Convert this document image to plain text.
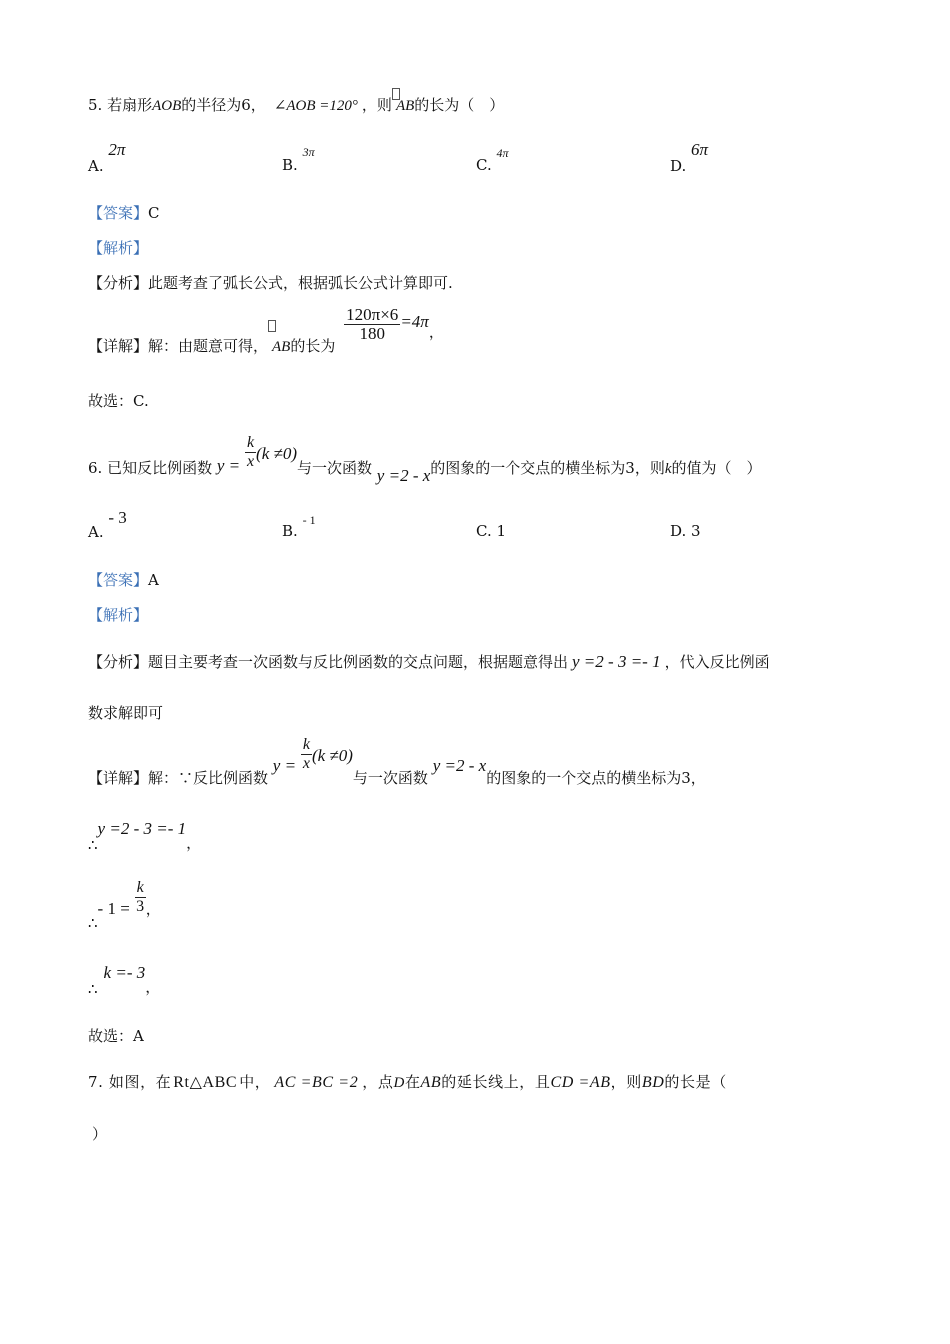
5. 若扇形AOB的半径为6， ∠AOB =120° ，则 AB的长为（　）
A. 2π
B. 3π
C. 4π
D. 6π
【答案】C
【解析】
【分析】此题考查了弧长公式，根据弧长公式计算即可.
【详解】解：由题意可得， AB的长为
$\frac{120\pi\times 6}{180} =4\pi$，
故选：C.
6. 已知反比例函数 $y = \frac{k}{x} (k \ne 0)$与一次函数 y =2 - x的图象的一个交点的横坐标为3，则k的值为（　）
A. - 3
B. - 1
C. 1	D. 3
【答案】A
【解析】
【分析】题目主要考查一次函数与反比例函数的交点问题，根据题意得出 y =2 - 3 =- 1 ，代入反比例函
数求解即可
【详解】解：∵反比例函数 $y = \frac{k}{x} (k \ne 0)$与一次函数 y =2 - x的图象的一个交点的横坐标为3，
∴y =2 - 3 =- 1，
∴- $1 = \frac{k}{3}$ ，
∴k =- 3，
故选：A
7. 如图，在 Rt△ABC 中， AC =BC =2 ，点D在AB的延长线上，且CD =AB，则BD的长是（
）
